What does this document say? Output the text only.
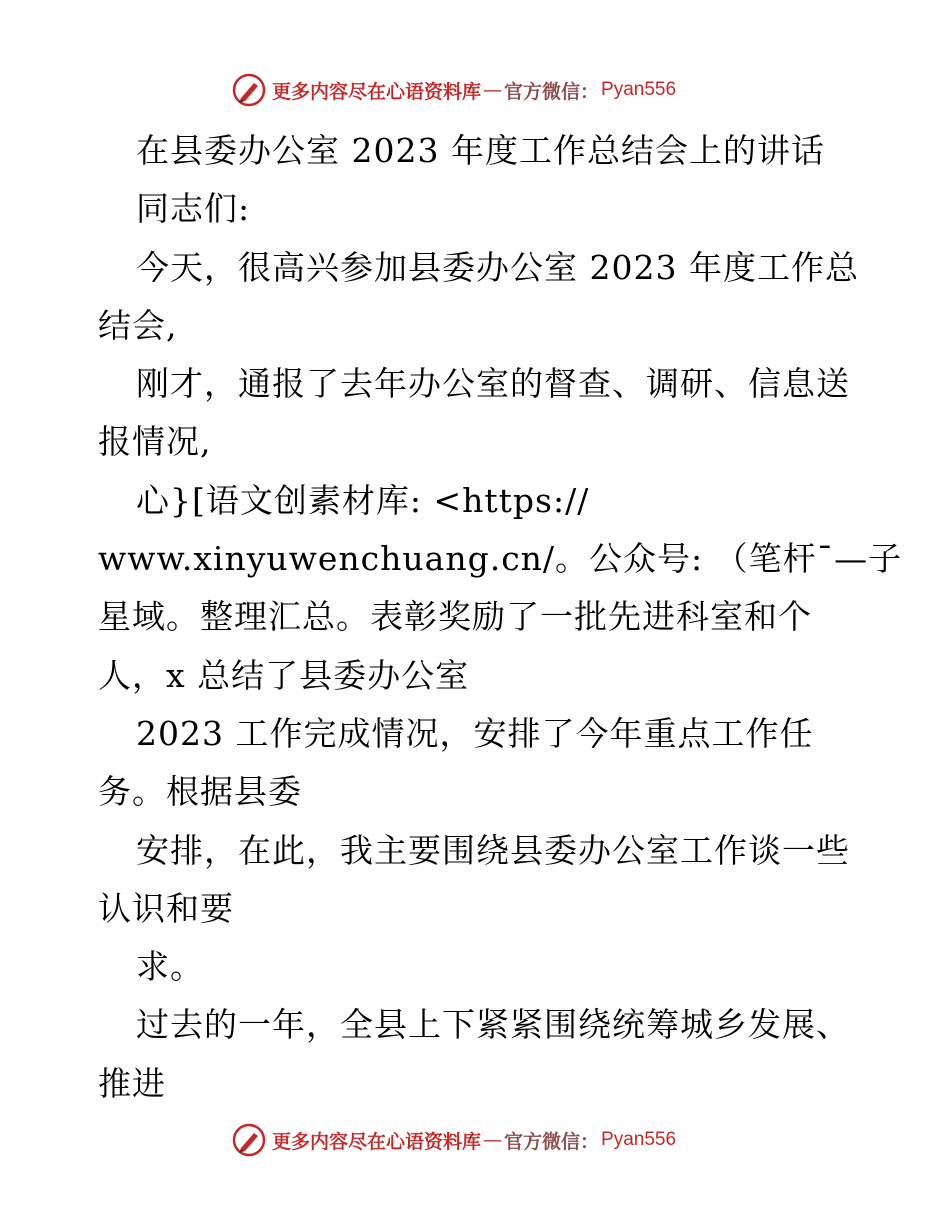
更多内容尽在心语资料库 — 官方微信： Pyan556
在县委办公室 2023 年度工作总结会上的讲话
同志们:
今天，很高兴参加县委办公室 2023 年度工作总
结会,
刚才，通报了去年办公室的督查、调研、信息送
报情况,
心}[语文创素材库: <https://
www.xinyuwenchuang.cn/。公众号: （笔杆¯—子
星域。整理汇总。表彰奖励了一批先进科室和个
人，x 总结了县委办公室
2023 工作完成情况，安排了今年重点工作任
务。根据县委
安排，在此，我主要围绕县委办公室工作谈一些
认识和要
求。
过去的一年，全县上下紧紧围绕统筹城乡发展、
推进
更多内容尽在心语资料库 — 官方微信： Pyan556
